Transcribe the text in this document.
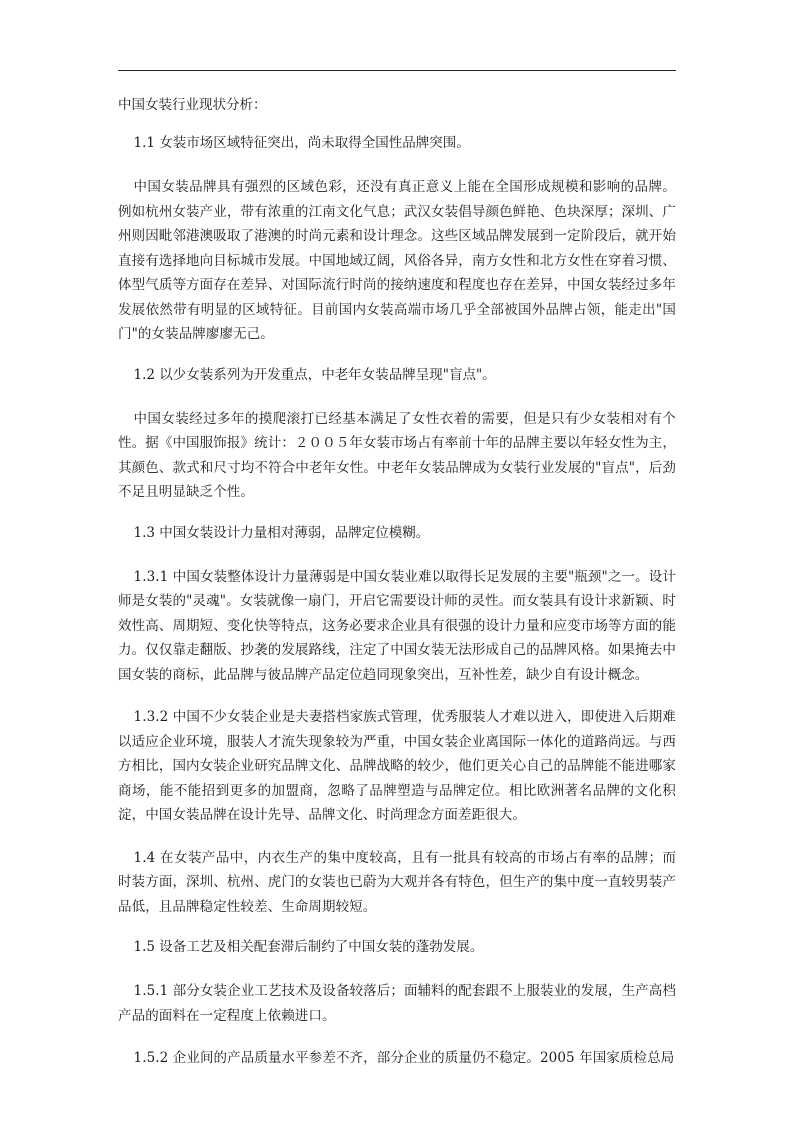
中国女装行业现状分析：

1.1 女装市场区域特征突出，尚未取得全国性品牌突围。

中国女装品牌具有强烈的区域色彩，还没有真正意义上能在全国形成规模和影响的品牌。例如杭州女装产业，带有浓重的江南文化气息；武汉女装倡导颜色鲜艳、色块深厚；深圳、广州则因毗邻港澳吸取了港澳的时尚元素和设计理念。这些区域品牌发展到一定阶段后，就开始直接有选择地向目标城市发展。中国地域辽阔，风俗各异，南方女性和北方女性在穿着习惯、体型气质等方面存在差异、对国际流行时尚的接纳速度和程度也存在差异，中国女装经过多年发展依然带有明显的区域特征。目前国内女装高端市场几乎全部被国外品牌占领，能走出"国门"的女装品牌廖廖无己。

1.2 以少女装系列为开发重点，中老年女装品牌呈现"盲点"。

中国女装经过多年的摸爬滚打已经基本满足了女性衣着的需要，但是只有少女装相对有个性。据《中国服饰报》统计：２００５年女装市场占有率前十年的品牌主要以年轻女性为主，其颜色、款式和尺寸均不符合中老年女性。中老年女装品牌成为女装行业发展的"盲点"，后劲不足且明显缺乏个性。

1.3 中国女装设计力量相对薄弱，品牌定位模糊。

1.3.1 中国女装整体设计力量薄弱是中国女装业难以取得长足发展的主要"瓶颈"之一。设计师是女装的"灵魂"。女装就像一扇门，开启它需要设计师的灵性。而女装具有设计求新颖、时效性高、周期短、变化快等特点，这务必要求企业具有很强的设计力量和应变市场等方面的能力。仅仅靠走翻版、抄袭的发展路线，注定了中国女装无法形成自己的品牌风格。如果掩去中国女装的商标，此品牌与彼品牌产品定位趋同现象突出，互补性差，缺少自有设计概念。

1.3.2 中国不少女装企业是夫妻搭档家族式管理，优秀服装人才难以进入，即使进入后期难以适应企业环境，服装人才流失现象较为严重，中国女装企业离国际一体化的道路尚远。与西方相比，国内女装企业研究品牌文化、品牌战略的较少，他们更关心自己的品牌能不能进哪家商场，能不能招到更多的加盟商，忽略了品牌塑造与品牌定位。相比欧洲著名品牌的文化积淀，中国女装品牌在设计先导、品牌文化、时尚理念方面差距很大。

1.4 在女装产品中，内衣生产的集中度较高，且有一批具有较高的市场占有率的品牌；而时装方面，深圳、杭州、虎门的女装也已蔚为大观并各有特色，但生产的集中度一直较男装产品低，且品牌稳定性较差、生命周期较短。

1.5 设备工艺及相关配套滞后制约了中国女装的蓬勃发展。

1.5.1 部分女装企业工艺技术及设备较落后；面辅料的配套跟不上服装业的发展，生产高档产品的面料在一定程度上依赖进口。

1.5.2 企业间的产品质量水平参差不齐，部分企业的质量仍不稳定。2005 年国家质检总局
